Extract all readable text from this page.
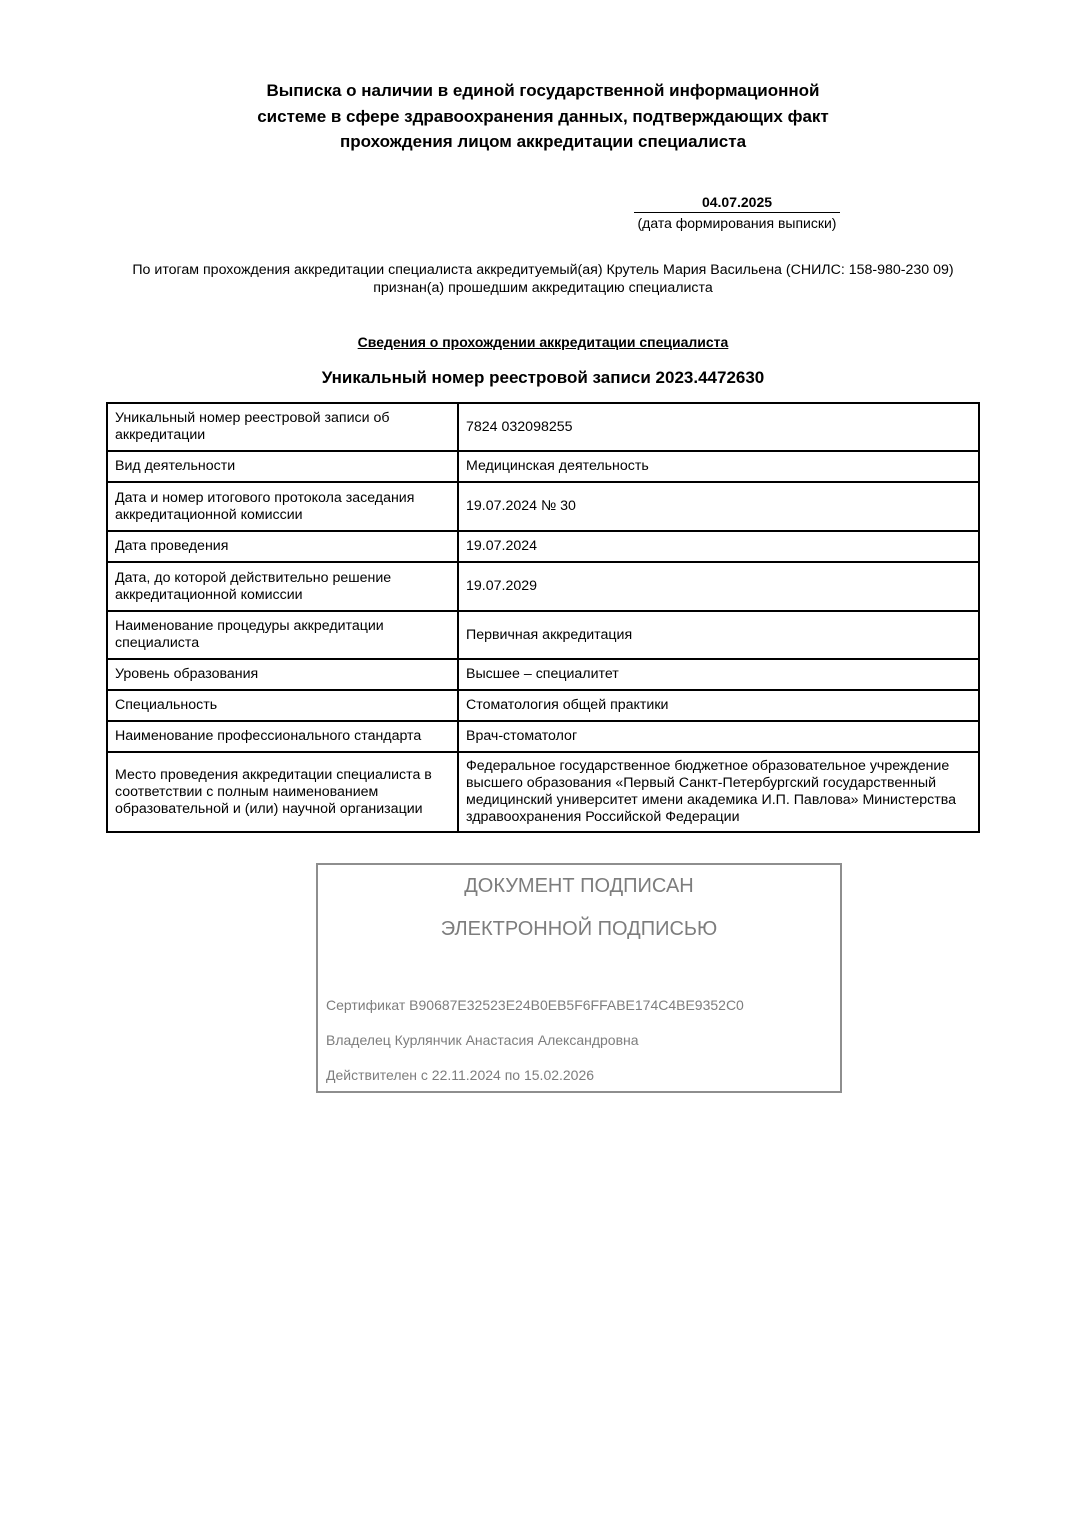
Выписка о наличии в единой государственной информационной
системе в сфере здравоохранения данных, подтверждающих факт
прохождения лицом аккредитации специалиста
04.07.2025
(дата формирования выписки)
По итогам прохождения аккредитации специалиста аккредитуемый(ая) Крутель Мария Васильена (СНИЛС: 158-980-230 09)
признан(а) прошедшим аккредитацию специалиста
Сведения о прохождении аккредитации специалиста
Уникальный номер реестровой записи 2023.4472630
Уникальный номер реестровой записи об аккредитации	7824 032098255
Вид деятельности	Медицинская деятельность
Дата и номер итогового протокола заседания аккредитационной комиссии	19.07.2024 № 30
Дата проведения	19.07.2024
Дата, до которой действительно решение аккредитационной комиссии	19.07.2029
Наименование процедуры аккредитации специалиста	Первичная аккредитация
Уровень образования	Высшее – специалитет
Специальность	Стоматология общей практики
Наименование профессионального стандарта	Врач-стоматолог
Место проведения аккредитации специалиста в соответствии с полным наименованием образовательной и (или) научной организации	Федеральное государственное бюджетное образовательное учреждение высшего образования «Первый Санкт-Петербургский государственный медицинский университет имени академика И.П. Павлова» Министерства здравоохранения Российской Федерации
ДОКУМЕНТ ПОДПИСАН
ЭЛЕКТРОННОЙ ПОДПИСЬЮ
Сертификат B90687E32523E24B0EB5F6FFABE174C4BE9352C0
Владелец Курлянчик Анастасия Александровна
Действителен с 22.11.2024 по 15.02.2026
